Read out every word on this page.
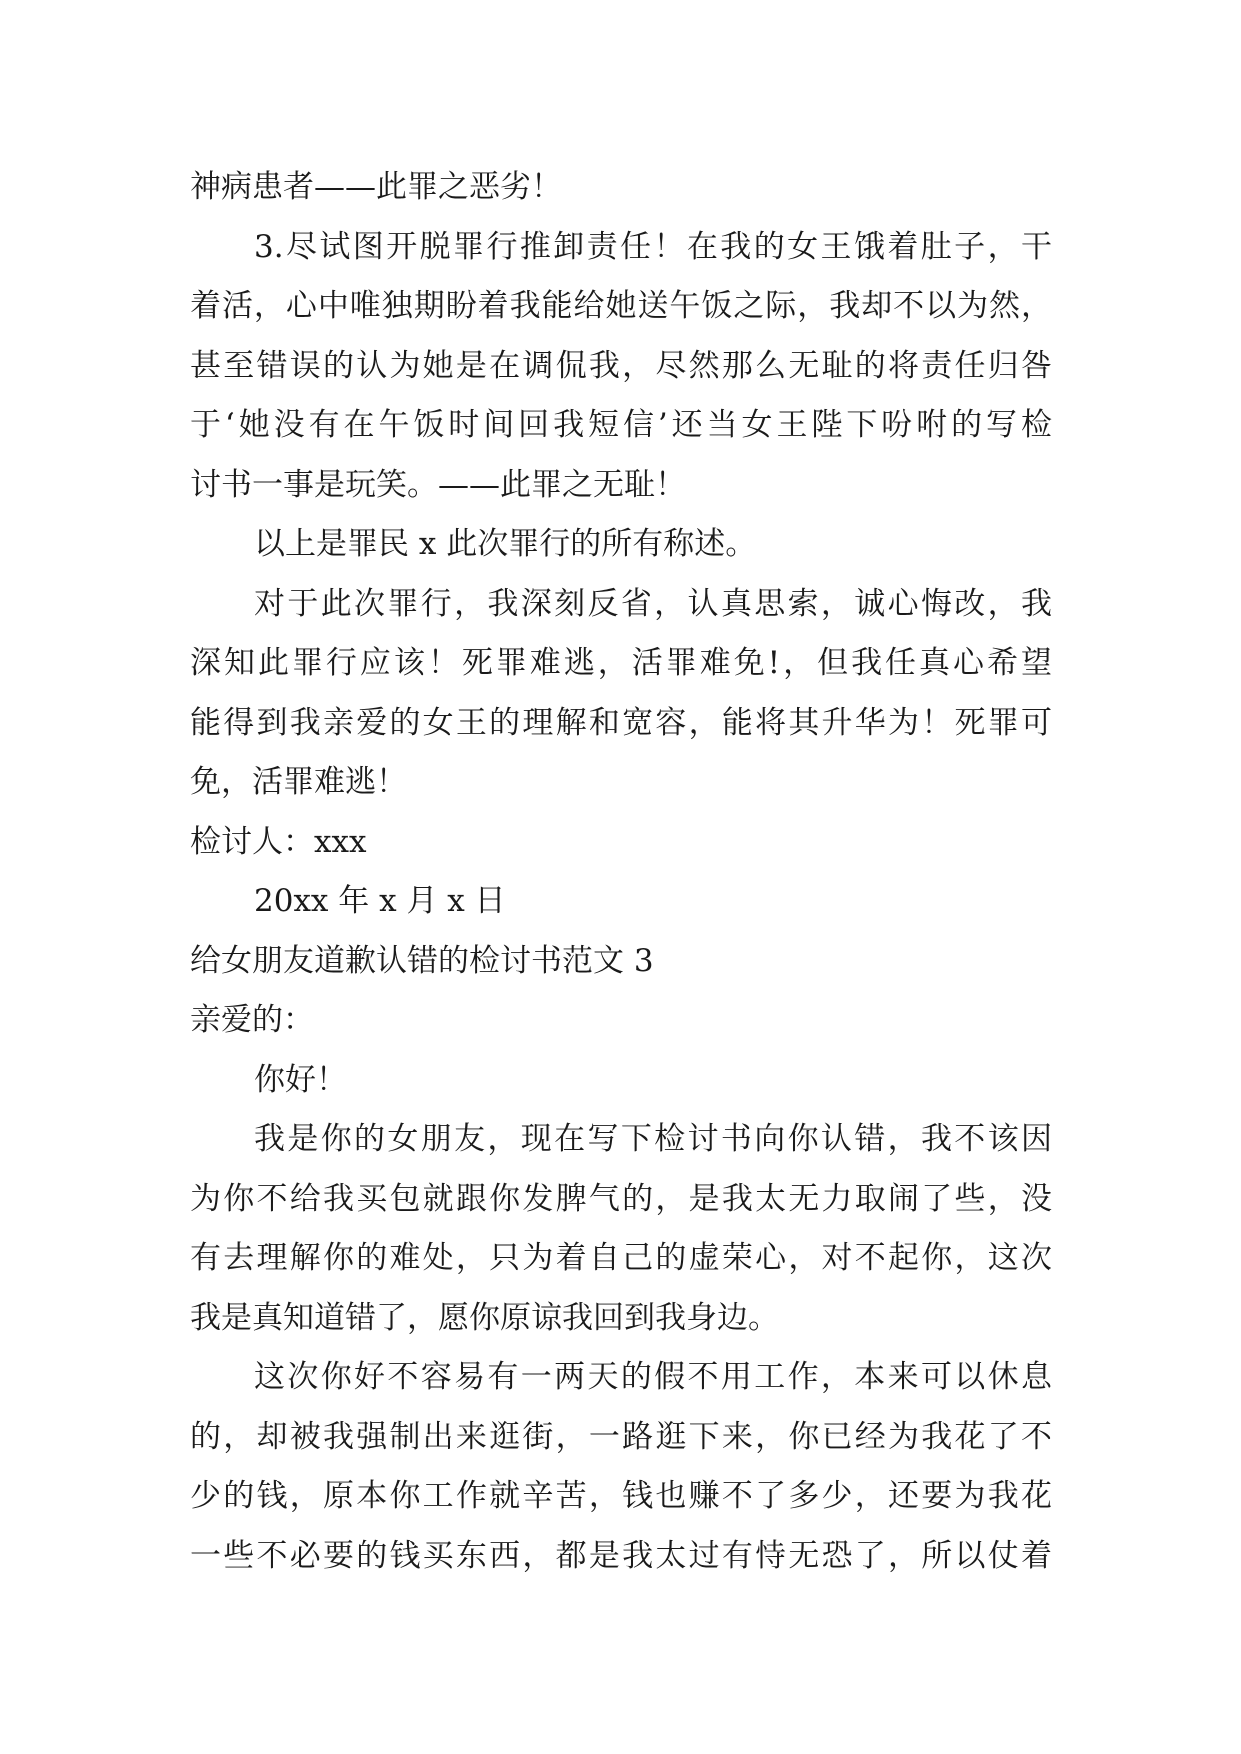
神病患者——此罪之恶劣！
3.尽试图开脱罪行推卸责任！在我的女王饿着肚子，干
着活，心中唯独期盼着我能给她送午饭之际，我却不以为然，
甚至错误的认为她是在调侃我，尽然那么无耻的将责任归咎
于‘她没有在午饭时间回我短信’还当女王陛下吩咐的写检
讨书一事是玩笑。——此罪之无耻！
以上是罪民 x 此次罪行的所有称述。
对于此次罪行，我深刻反省，认真思索，诚心悔改，我
深知此罪行应该！死罪难逃，活罪难免!，但我任真心希望
能得到我亲爱的女王的理解和宽容，能将其升华为！死罪可
免，活罪难逃！
检讨人：xxx
20xx 年 x 月 x 日
给女朋友道歉认错的检讨书范文 3
亲爱的：
你好！
我是你的女朋友，现在写下检讨书向你认错，我不该因
为你不给我买包就跟你发脾气的，是我太无力取闹了些，没
有去理解你的难处，只为着自己的虚荣心，对不起你，这次
我是真知道错了，愿你原谅我回到我身边。
这次你好不容易有一两天的假不用工作，本来可以休息
的，却被我强制出来逛街，一路逛下来，你已经为我花了不
少的钱，原本你工作就辛苦，钱也赚不了多少，还要为我花
一些不必要的钱买东西，都是我太过有恃无恐了，所以仗着
